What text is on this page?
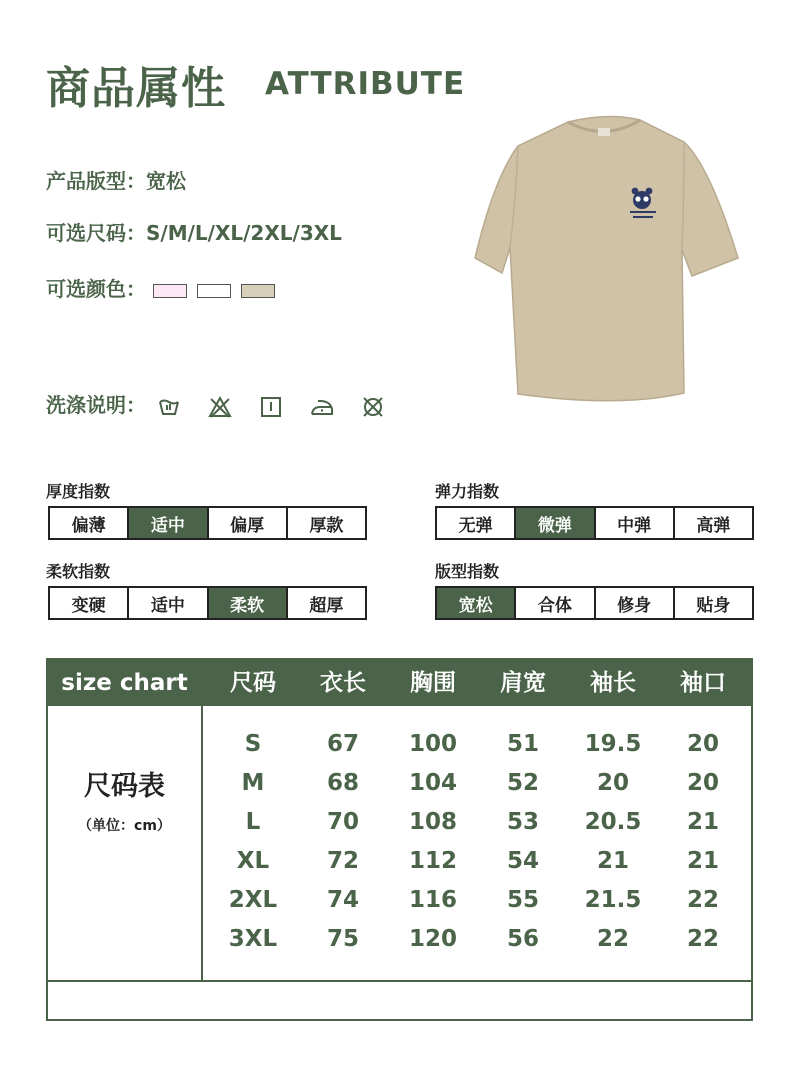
商品属性 ATTRIBUTE
产品版型：宽松
可选尺码：S/M/L/XL/2XL/3XL
可选颜色：
洗涤说明：
厚度指数
偏薄	适中	偏厚	厚款
弹力指数
无弹	微弹	中弹	高弹
柔软指数
变硬	适中	柔软	超厚
版型指数
宽松	合体	修身	贴身
size chart	尺码	衣长	胸围	肩宽	袖长	袖口
尺码表
（单位：cm）
S	67	100	51	19.5	20
M	68	104	52	20	20
L	70	108	53	20.5	21
XL	72	112	54	21	21
2XL	74	116	55	21.5	22
3XL	75	120	56	22	22
